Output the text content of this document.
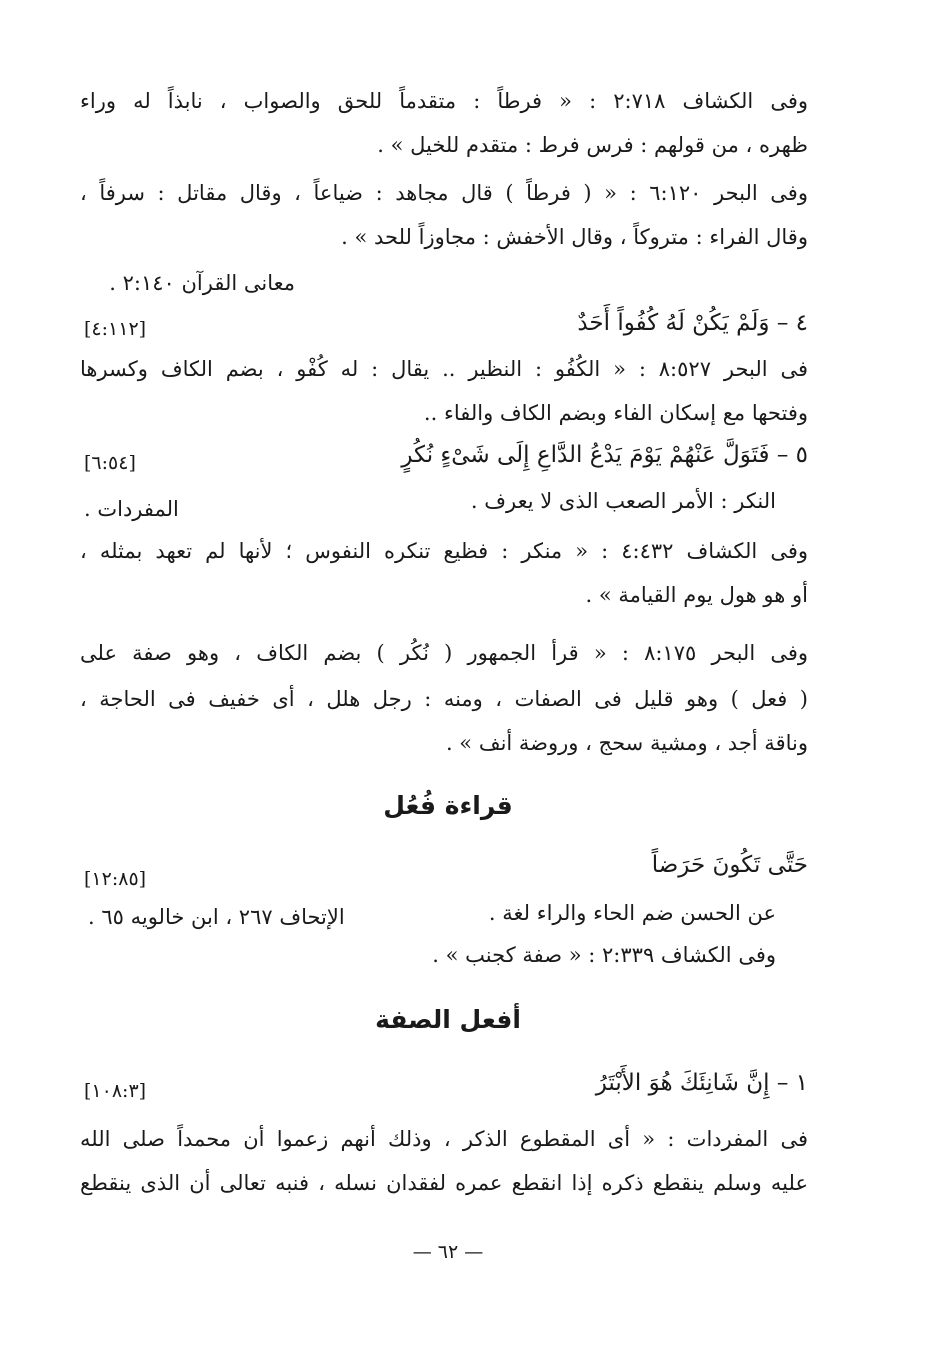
وفى الكشاف ٢:٧١٨ : « فرطاً : متقدماً للحق والصواب ، نابذاً له وراء
ظهره ، من قولهم : فرس فرط : متقدم للخيل » .
وفى البحر ٦:١٢٠ : « ( فرطاً ) قال مجاهد : ضياعاً ، وقال مقاتل : سرفاً ،
وقال الفراء : متروكاً ، وقال الأخفش : مجاوزاً للحد » .
معانى القرآن ٢:١٤٠ .
٤ – وَلَمْ يَكُنْ لَهُ كُفُواً أَحَدٌ
[٤:١١٢]
فى البحر ٨:٥٢٧ : « الكُفُو : النظير .. يقال : له كُفْو ، بضم الكاف وكسرها
وفتحها مع إسكان الفاء وبضم الكاف والفاء ..
٥ – فَتَوَلَّ عَنْهُمْ يَوْمَ يَدْعُ الدَّاعِ إِلَى شَىْءٍ نُكُرٍ
[٦:٥٤]
النكر : الأمر الصعب الذى لا يعرف .
المفردات .
وفى الكشاف ٤:٤٣٢ : « منكر : فظيع تنكره النفوس ؛ لأنها لم تعهد بمثله ،
أو هو هول يوم القيامة » .
وفى البحر ٨:١٧٥ : « قرأ الجمهور ( نُكُر ) بضم الكاف ، وهو صفة على
( فعل ) وهو قليل فى الصفات ، ومنه : رجل هلل ، أى خفيف فى الحاجة ،
وناقة أجد ، ومشية سحج ، وروضة أنف » .
قراءة فُعُل
حَتَّى تَكُونَ حَرَضاً
[١٢:٨٥]
عن الحسن ضم الحاء والراء لغة .
الإتحاف ٢٦٧ ، ابن خالويه ٦٥ .
وفى الكشاف ٢:٣٣٩ : « صفة كجنب » .
أفعل الصفة
١ – إِنَّ شَانِئَكَ هُوَ الأَبْتَرُ
[١٠٨:٣]
فى المفردات : « أى المقطوع الذكر ، وذلك أنهم زعموا أن محمداً صلى الله
عليه وسلم ينقطع ذكره إذا انقطع عمره لفقدان نسله ، فنبه تعالى أن الذى ينقطع
— ٦٢ —
